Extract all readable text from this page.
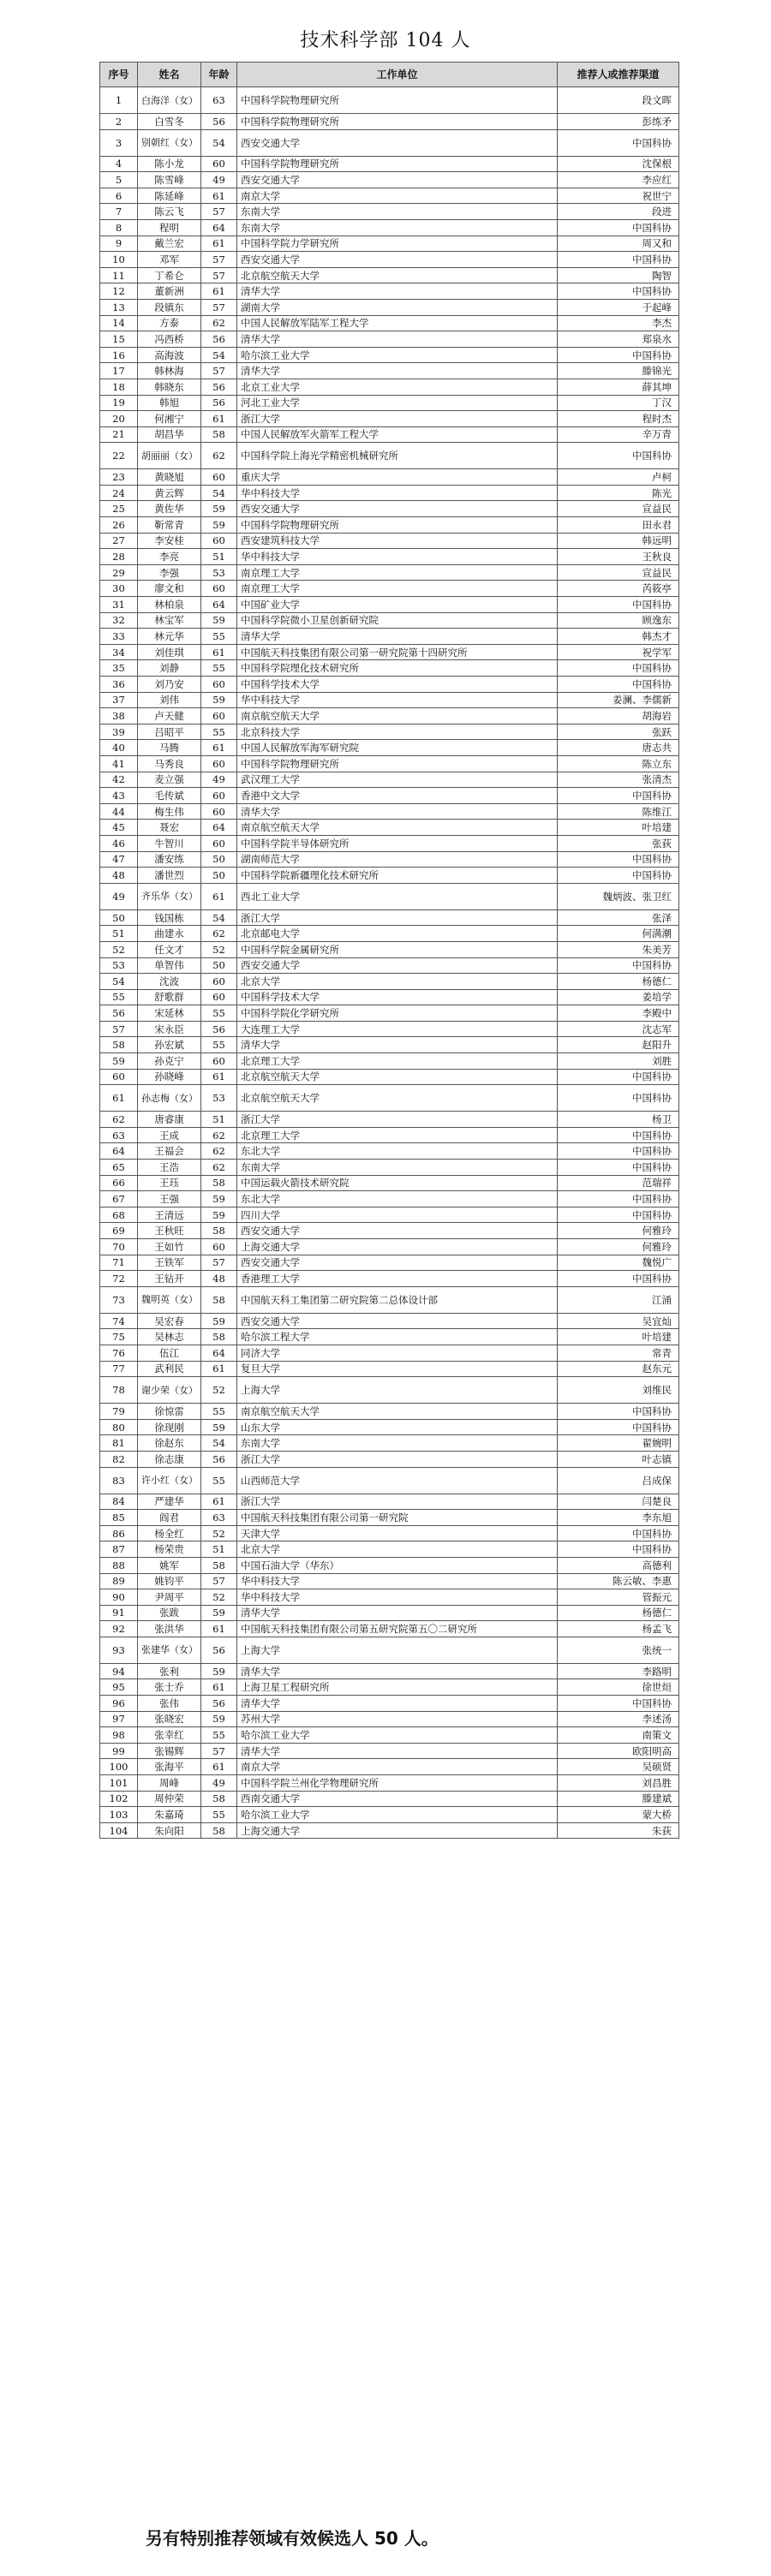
技术科学部 104 人
序号	姓名	年龄	工作单位	推荐人或推荐渠道
1	白海洋（女）	63	中国科学院物理研究所	段文晖
2	白雪冬	56	中国科学院物理研究所	彭练矛
3	别朝红（女）	54	西安交通大学	中国科协
4	陈小龙	60	中国科学院物理研究所	沈保根
5	陈雪峰	49	西安交通大学	李应红
6	陈延峰	61	南京大学	祝世宁
7	陈云飞	57	东南大学	段进
8	程明	64	东南大学	中国科协
9	戴兰宏	61	中国科学院力学研究所	周又和
10	邓军	57	西安交通大学	中国科协
11	丁希仑	57	北京航空航天大学	陶智
12	董新洲	61	清华大学	中国科协
13	段镇东	57	湖南大学	于起峰
14	方泰	62	中国人民解放军陆军工程大学	李杰
15	冯西桥	56	清华大学	郑泉水
16	高海波	54	哈尔滨工业大学	中国科协
17	韩林海	57	清华大学	滕锦光
18	韩晓东	56	北京工业大学	薛其坤
19	韩旭	56	河北工业大学	丁汉
20	何湘宁	61	浙江大学	程时杰
21	胡昌华	58	中国人民解放军火箭军工程大学	辛万青
22	胡丽丽（女）	62	中国科学院上海光学精密机械研究所	中国科协
23	黄晓旭	60	重庆大学	卢柯
24	黄云辉	54	华中科技大学	陈光
25	黄佐华	59	西安交通大学	宣益民
26	靳常青	59	中国科学院物理研究所	田永君
27	李安桂	60	西安建筑科技大学	韩远明
28	李亮	51	华中科技大学	王秋良
29	李强	53	南京理工大学	宣益民
30	廖文和	60	南京理工大学	芮筱亭
31	林柏泉	64	中国矿业大学	中国科协
32	林宝军	59	中国科学院微小卫星创新研究院	顾逸东
33	林元华	55	清华大学	韩杰才
34	刘佳琪	61	中国航天科技集团有限公司第一研究院第十四研究所	祝学军
35	刘静	55	中国科学院理化技术研究所	中国科协
36	刘乃安	60	中国科学技术大学	中国科协
37	刘伟	59	华中科技大学	姜澜、李儒新
38	卢天健	60	南京航空航天大学	胡海岩
39	吕昭平	55	北京科技大学	张跃
40	马腾	61	中国人民解放军海军研究院	唐志共
41	马秀良	60	中国科学院物理研究所	陈立东
42	麦立强	49	武汉理工大学	张清杰
43	毛传斌	60	香港中文大学	中国科协
44	梅生伟	60	清华大学	陈维江
45	聂宏	64	南京航空航天大学	叶培建
46	牛智川	60	中国科学院半导体研究所	张荻
47	潘安练	50	湖南师范大学	中国科协
48	潘世烈	50	中国科学院新疆理化技术研究所	中国科协
49	齐乐华（女）	61	西北工业大学	魏炳波、张卫红
50	钱国栋	54	浙江大学	张泽
51	曲建永	62	北京邮电大学	何满潮
52	任文才	52	中国科学院金属研究所	朱美芳
53	单智伟	50	西安交通大学	中国科协
54	沈波	60	北京大学	杨德仁
55	舒歌群	60	中国科学技术大学	姜培学
56	宋延林	55	中国科学院化学研究所	李殿中
57	宋永臣	56	大连理工大学	沈志军
58	孙宏斌	55	清华大学	赵阳升
59	孙克宁	60	北京理工大学	刘胜
60	孙晓峰	61	北京航空航天大学	中国科协
61	孙志梅（女）	53	北京航空航天大学	中国科协
62	唐睿康	51	浙江大学	杨卫
63	王成	62	北京理工大学	中国科协
64	王福会	62	东北大学	中国科协
65	王浩	62	东南大学	中国科协
66	王珏	58	中国运载火箭技术研究院	范瑞祥
67	王强	59	东北大学	中国科协
68	王清远	59	四川大学	中国科协
69	王秋旺	58	西安交通大学	何雅玲
70	王如竹	60	上海交通大学	何雅玲
71	王铁军	57	西安交通大学	魏悦广
72	王钻开	48	香港理工大学	中国科协
73	魏明英（女）	58	中国航天科工集团第二研究院第二总体设计部	江涌
74	吴宏春	59	西安交通大学	吴宜灿
75	吴林志	58	哈尔滨工程大学	叶培建
76	伍江	64	同济大学	常青
77	武利民	61	复旦大学	赵东元
78	谢少荣（女）	52	上海大学	刘维民
79	徐惊雷	55	南京航空航天大学	中国科协
80	徐现刚	59	山东大学	中国科协
81	徐赵东	54	东南大学	翟婉明
82	徐志康	56	浙江大学	叶志镇
83	许小红（女）	55	山西师范大学	吕成保
84	严建华	61	浙江大学	闫楚良
85	阎君	63	中国航天科技集团有限公司第一研究院	李东旭
86	杨全红	52	天津大学	中国科协
87	杨荣贵	51	北京大学	中国科协
88	姚军	58	中国石油大学（华东）	高德利
89	姚钧平	57	华中科技大学	陈云敏、李惠
90	尹周平	52	华中科技大学	管振元
91	张跋	59	清华大学	杨德仁
92	张洪华	61	中国航天科技集团有限公司第五研究院第五〇二研究所	杨孟飞
93	张建华（女）	56	上海大学	张统一
94	张利	59	清华大学	李路明
95	张士乔	61	上海卫星工程研究所	徐世烜
96	张伟	56	清华大学	中国科协
97	张晓宏	59	苏州大学	李述汤
98	张幸红	55	哈尔滨工业大学	南策文
99	张锡辉	57	清华大学	欧阳明高
100	张海平	61	南京大学	吴硕贤
101	周峰	49	中国科学院兰州化学物理研究所	刘昌胜
102	周仲荣	58	西南交通大学	滕建斌
103	朱嘉琦	55	哈尔滨工业大学	蒙大桥
104	朱向阳	58	上海交通大学	朱荻
另有特别推荐领域有效候选人 50 人。
